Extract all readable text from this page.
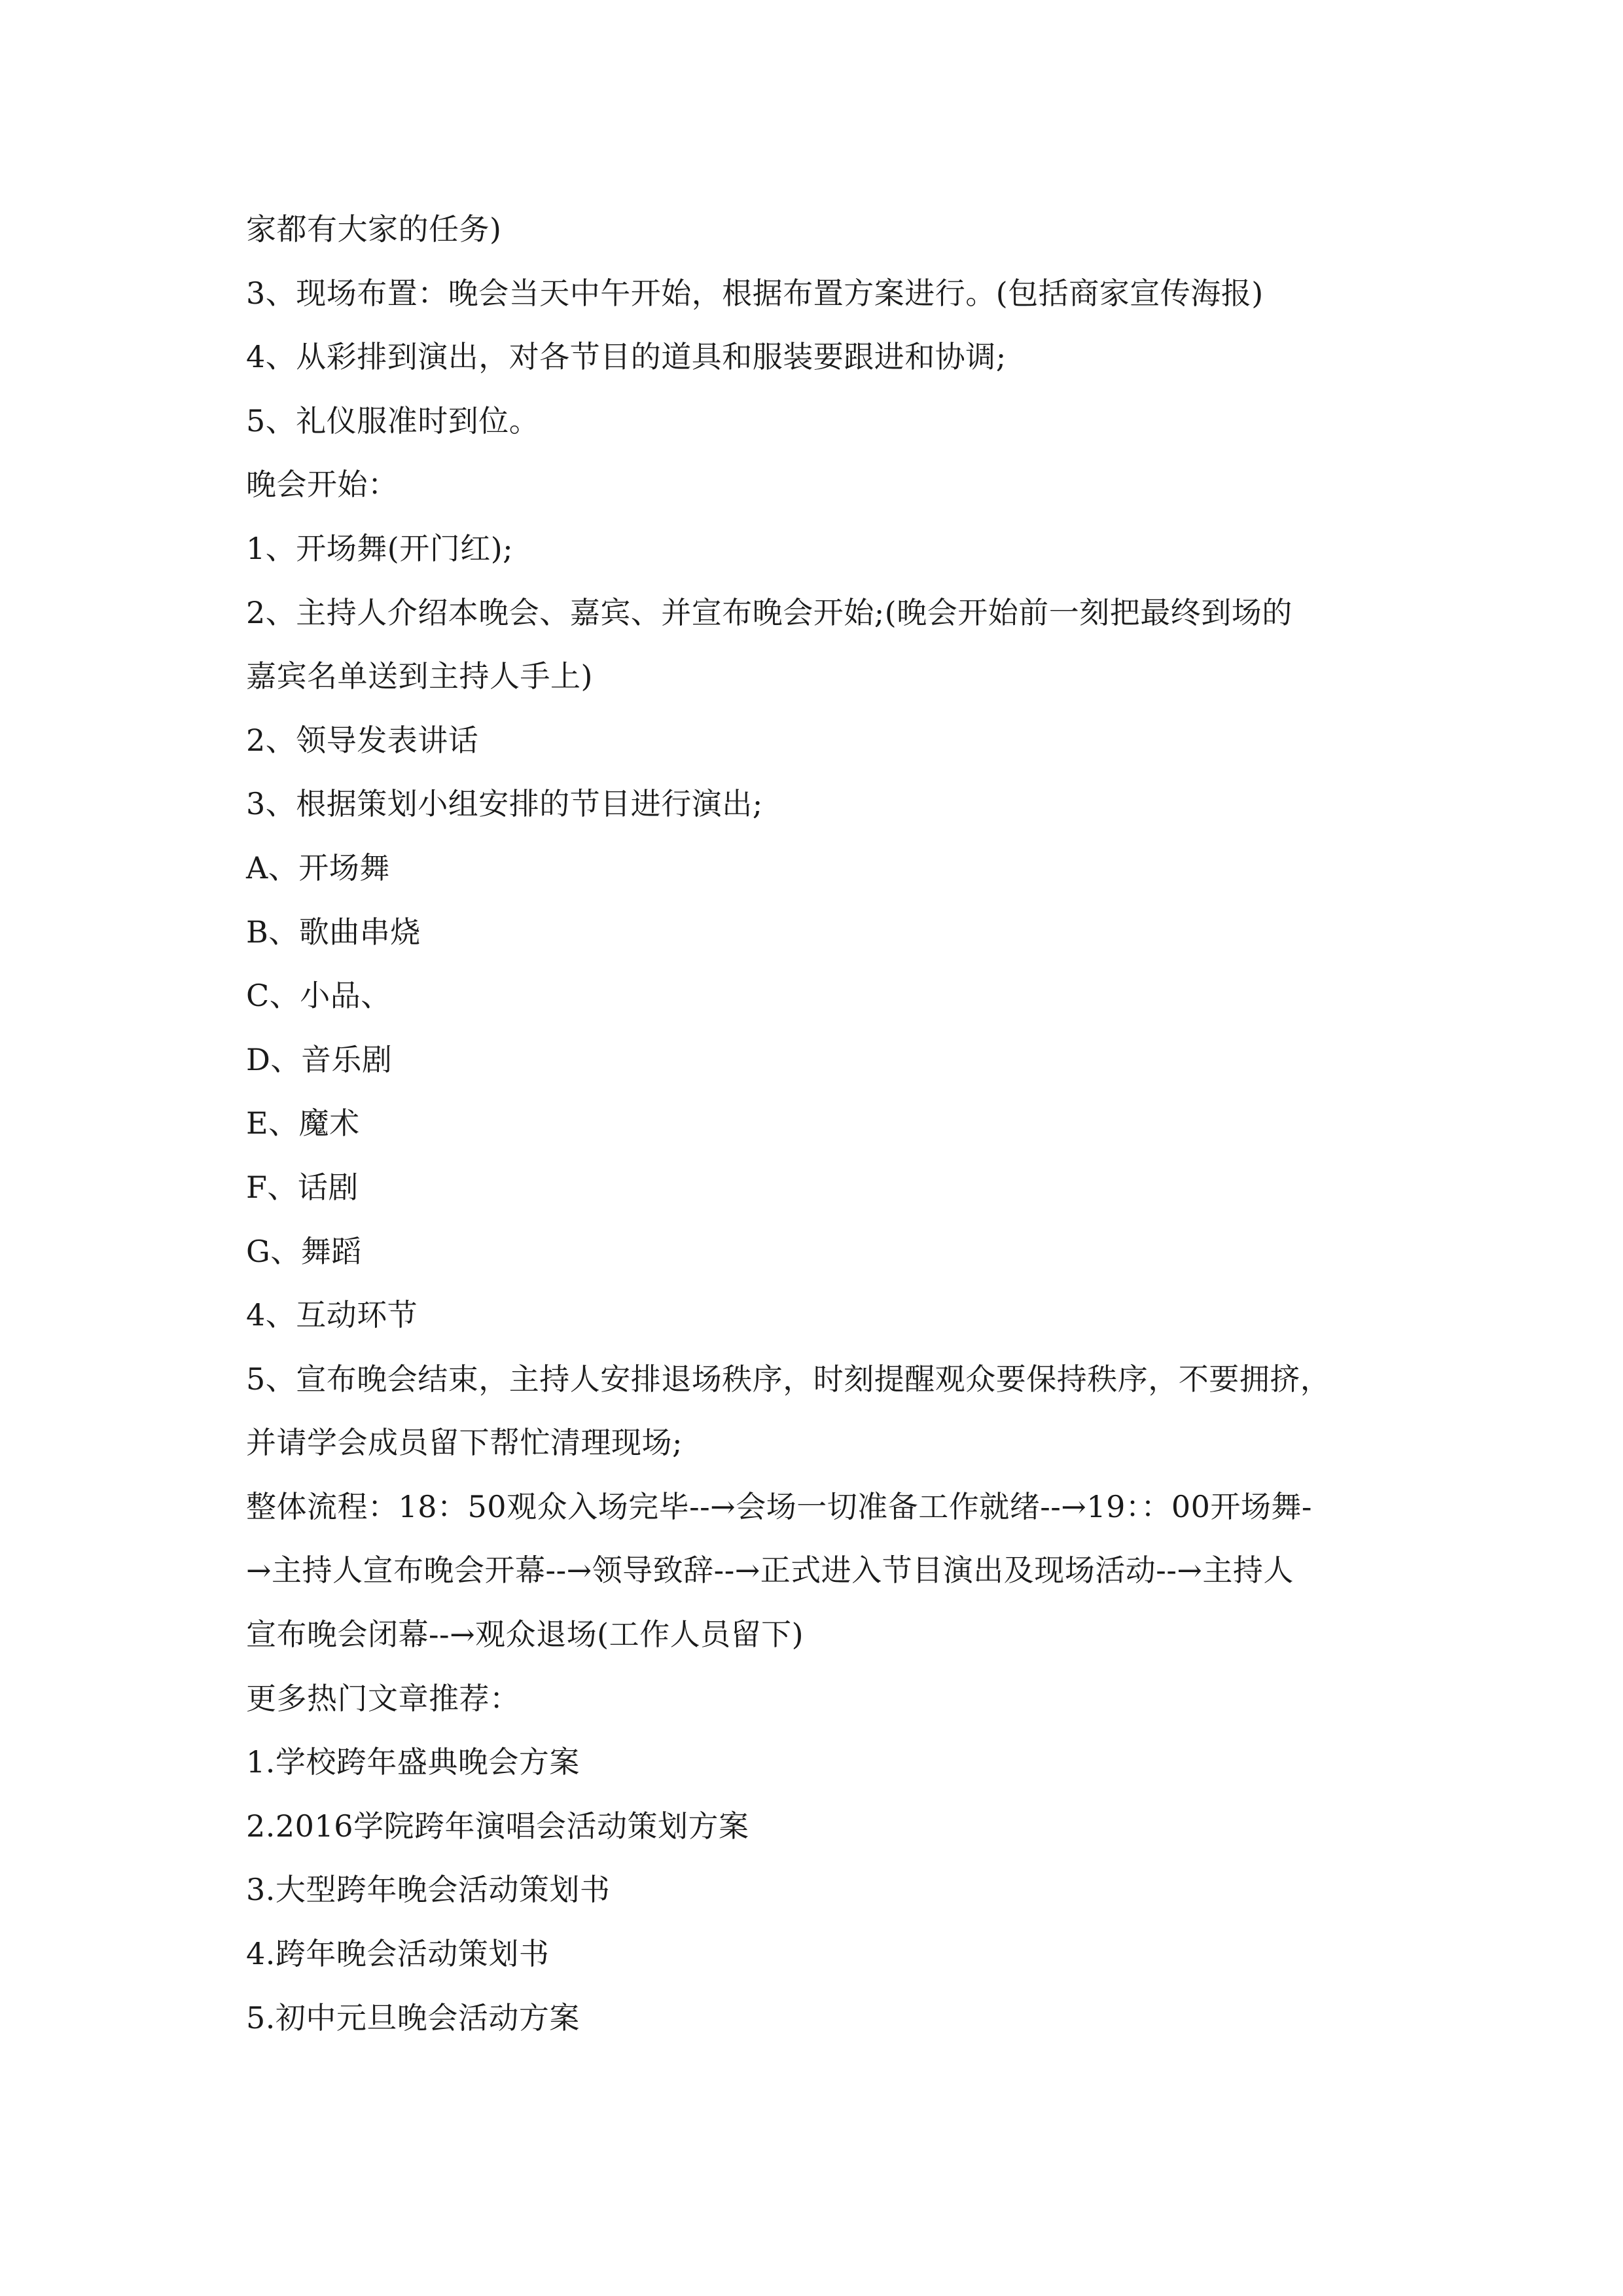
家都有大家的任务)
3、现场布置：晚会当天中午开始，根据布置方案进行。(包括商家宣传海报)
4、从彩排到演出，对各节目的道具和服装要跟进和协调;
5、礼仪服准时到位。
晚会开始：
1、开场舞(开门红);
2、主持人介绍本晚会、嘉宾、并宣布晚会开始;(晚会开始前一刻把最终到场的
嘉宾名单送到主持人手上)
2、领导发表讲话
3、根据策划小组安排的节目进行演出;
A、开场舞
B、歌曲串烧
C、小品、
D、音乐剧
E、魔术
F、话剧
G、舞蹈
4、互动环节
5、宣布晚会结束，主持人安排退场秩序，时刻提醒观众要保持秩序，不要拥挤，
并请学会成员留下帮忙清理现场;
整体流程：18：50观众入场完毕--→会场一切准备工作就绪--→19：：00开场舞-
→主持人宣布晚会开幕--→领导致辞--→正式进入节目演出及现场活动--→主持人
宣布晚会闭幕--→观众退场(工作人员留下)
更多热门文章推荐：
1.学校跨年盛典晚会方案
2.2016学院跨年演唱会活动策划方案
3.大型跨年晚会活动策划书
4.跨年晚会活动策划书
5.初中元旦晚会活动方案
